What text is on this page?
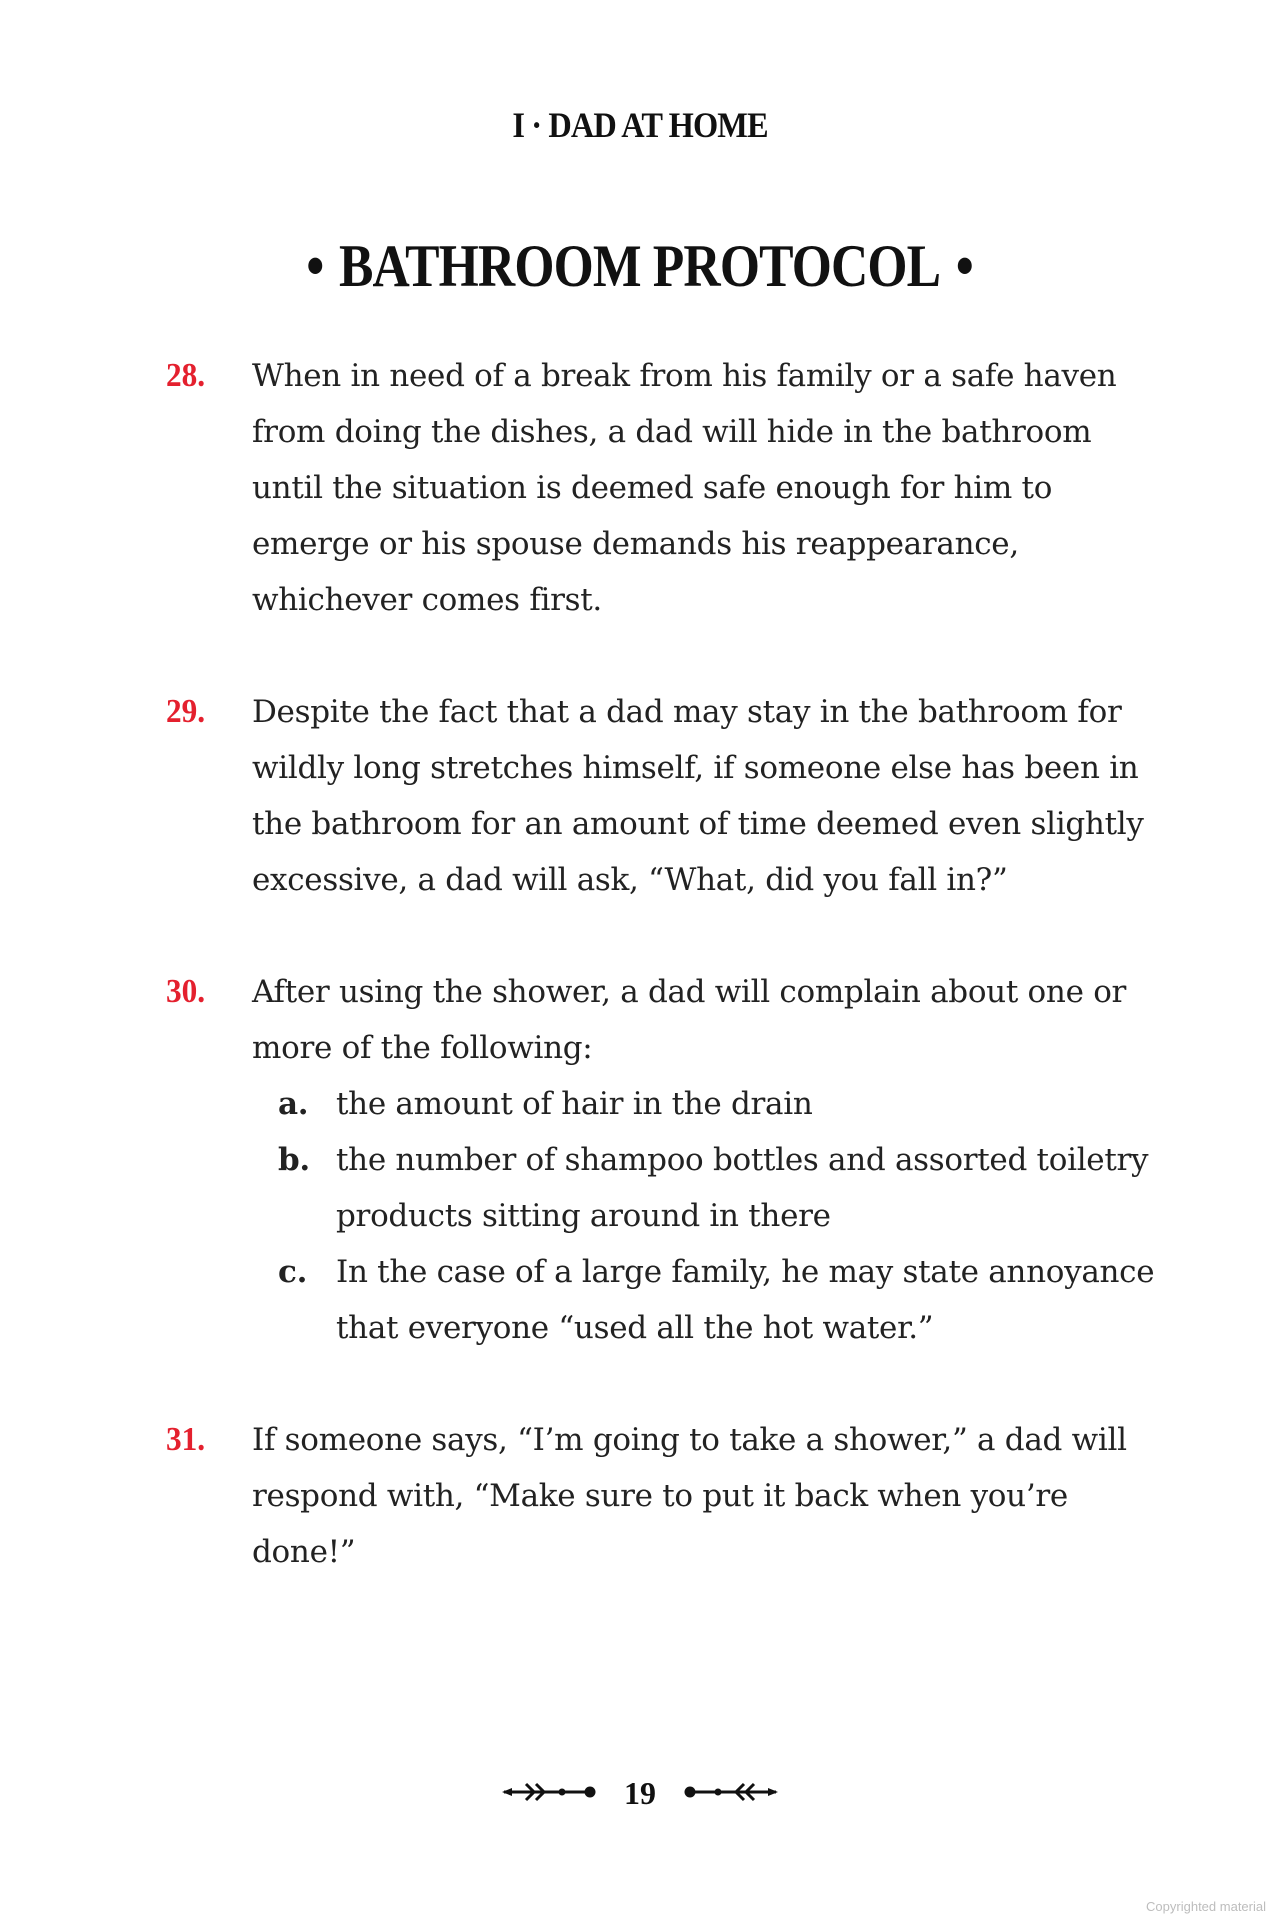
I · DAD AT HOME
• BATHROOM PROTOCOL •
28.	When in need of a break from his family or a safe haven from doing the dishes, a dad will hide in the bathroom until the situation is deemed safe enough for him to emerge or his spouse demands his reappearance, whichever comes first.
29.	Despite the fact that a dad may stay in the bathroom for wildly long stretches himself, if someone else has been in the bathroom for an amount of time deemed even slightly excessive, a dad will ask, “What, did you fall in?”
30.	After using the shower, a dad will complain about one or more of the following:
a. the amount of hair in the drain
b. the number of shampoo bottles and assorted toiletry products sitting around in there
c. In the case of a large family, he may state annoyance that everyone “used all the hot water.”
31.	If someone says, “I’m going to take a shower,” a dad will respond with, “Make sure to put it back when you’re done!”
19
Copyrighted material
